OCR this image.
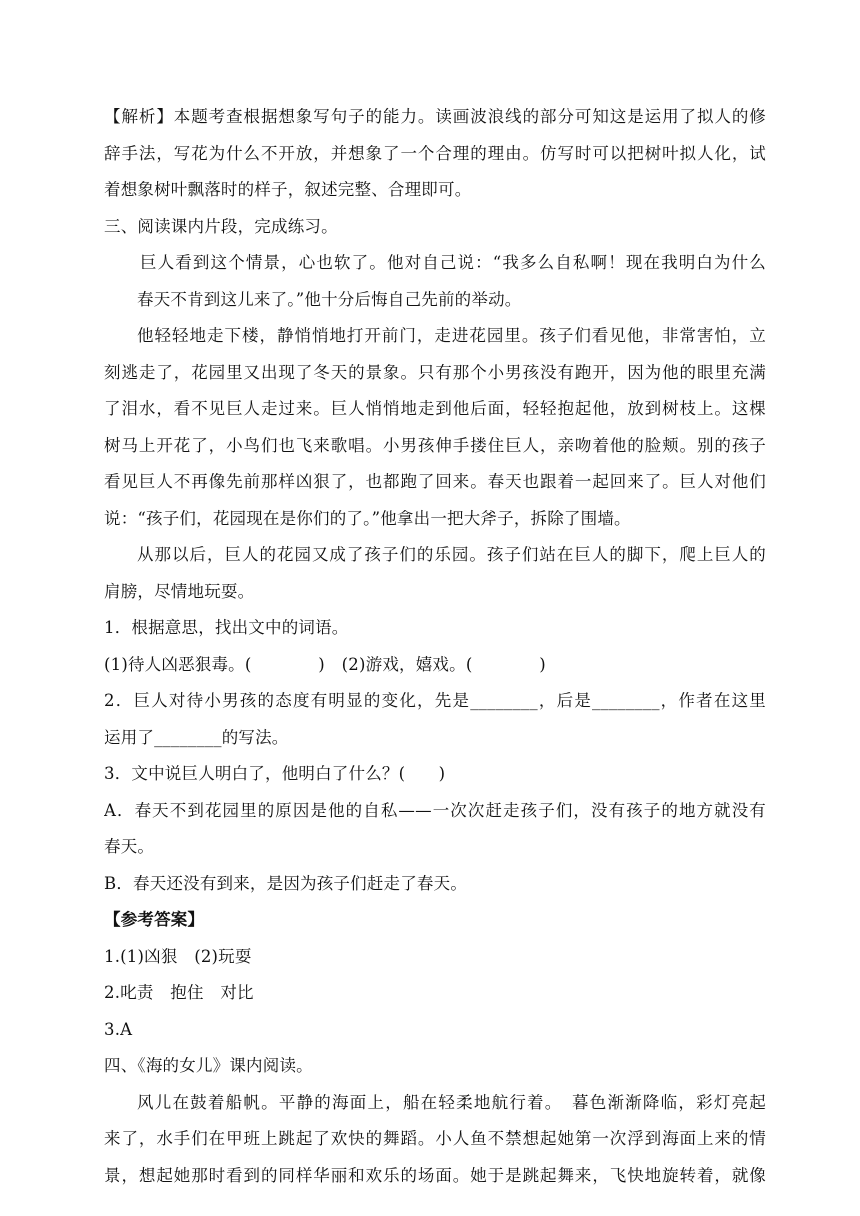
【解析】本题考查根据想象写句子的能力。读画波浪线的部分可知这是运用了拟人的修
辞手法，写花为什么不开放，并想象了一个合理的理由。仿写时可以把树叶拟人化，试
着想象树叶飘落时的样子，叙述完整、合理即可。
三、阅读课内片段，完成练习。
巨人看到这个情景，心也软了。他对自己说：“我多么自私啊！现在我明白为什么
春天不肯到这儿来了。”他十分后悔自己先前的举动。
他轻轻地走下楼，静悄悄地打开前门，走进花园里。孩子们看见他，非常害怕，立
刻逃走了，花园里又出现了冬天的景象。只有那个小男孩没有跑开，因为他的眼里充满
了泪水，看不见巨人走过来。巨人悄悄地走到他后面，轻轻抱起他，放到树枝上。这棵
树马上开花了，小鸟们也飞来歌唱。小男孩伸手搂住巨人，亲吻着他的脸颊。别的孩子
看见巨人不再像先前那样凶狠了，也都跑了回来。春天也跟着一起回来了。巨人对他们
说：“孩子们，花园现在是你们的了。”他拿出一把大斧子，拆除了围墙。
从那以后，巨人的花园又成了孩子们的乐园。孩子们站在巨人的脚下，爬上巨人的
肩膀，尽情地玩耍。
1．根据意思，找出文中的词语。
(1)待人凶恶狠毒。(　　　　)　(2)游戏，嬉戏。(　　　　)
2．巨人对待小男孩的态度有明显的变化，先是________，后是________，作者在这里
运用了________的写法。
3．文中说巨人明白了，他明白了什么？(　　)
A．春天不到花园里的原因是他的自私——一次次赶走孩子们，没有孩子的地方就没有
春天。
B．春天还没有到来，是因为孩子们赶走了春天。
【参考答案】
1.(1)凶狠　(2)玩耍
2.叱责　抱住　对比
3.A
四、《海的女儿》课内阅读。
风儿在鼓着船帆。平静的海面上，船在轻柔地航行着。　暮色渐渐降临，彩灯亮起
来了，水手们在甲班上跳起了欢快的舞蹈。小人鱼不禁想起她第一次浮到海面上来的情
景，想起她那时看到的同样华丽和欢乐的场面。她于是跳起舞来，飞快地旋转着，就像
